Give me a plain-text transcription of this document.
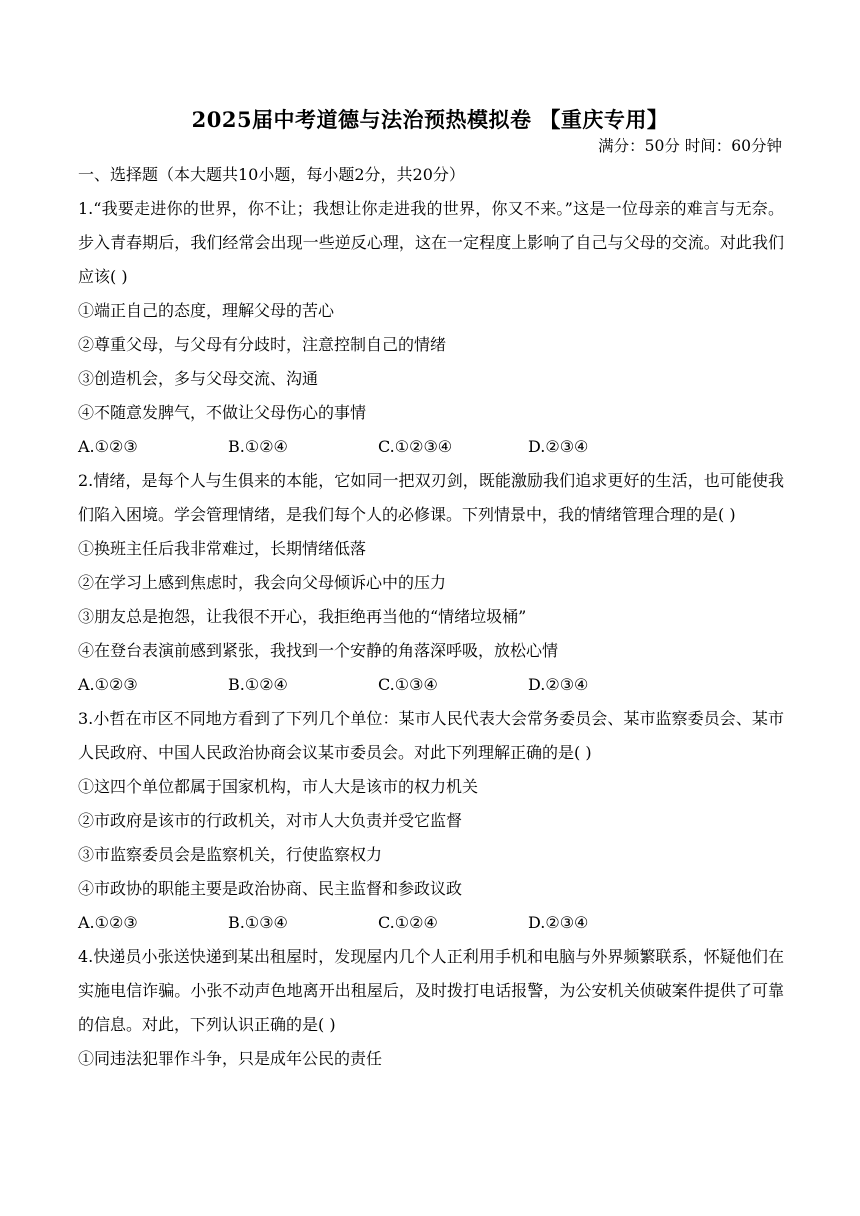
2025届中考道德与法治预热模拟卷 【重庆专用】
满分：50分 时间：60分钟
一、选择题（本大题共10小题，每小题2分，共20分）
1.“我要走进你的世界，你不让；我想让你走进我的世界，你又不来。”这是一位母亲的难言与无奈。步入青春期后，我们经常会出现一些逆反心理，这在一定程度上影响了自己与父母的交流。对此我们应该( )
①端正自己的态度，理解父母的苦心
②尊重父母，与父母有分歧时，注意控制自己的情绪
③创造机会，多与父母交流、沟通
④不随意发脾气，不做让父母伤心的事情
A.①②③	B.①②④	C.①②③④	D.②③④
2.情绪，是每个人与生俱来的本能，它如同一把双刃剑，既能激励我们追求更好的生活，也可能使我们陷入困境。学会管理情绪，是我们每个人的必修课。下列情景中，我的情绪管理合理的是( )
①换班主任后我非常难过，长期情绪低落
②在学习上感到焦虑时，我会向父母倾诉心中的压力
③朋友总是抱怨，让我很不开心，我拒绝再当他的“情绪垃圾桶”
④在登台表演前感到紧张，我找到一个安静的角落深呼吸，放松心情
A.①②③	B.①②④	C.①③④	D.②③④
3.小哲在市区不同地方看到了下列几个单位：某市人民代表大会常务委员会、某市监察委员会、某市人民政府、中国人民政治协商会议某市委员会。对此下列理解正确的是( )
①这四个单位都属于国家机构，市人大是该市的权力机关
②市政府是该市的行政机关，对市人大负责并受它监督
③市监察委员会是监察机关，行使监察权力
④市政协的职能主要是政治协商、民主监督和参政议政
A.①②③	B.①③④	C.①②④	D.②③④
4.快递员小张送快递到某出租屋时，发现屋内几个人正利用手机和电脑与外界频繁联系，怀疑他们在实施电信诈骗。小张不动声色地离开出租屋后，及时拨打电话报警，为公安机关侦破案件提供了可靠的信息。对此，下列认识正确的是( )
①同违法犯罪作斗争，只是成年公民的责任
